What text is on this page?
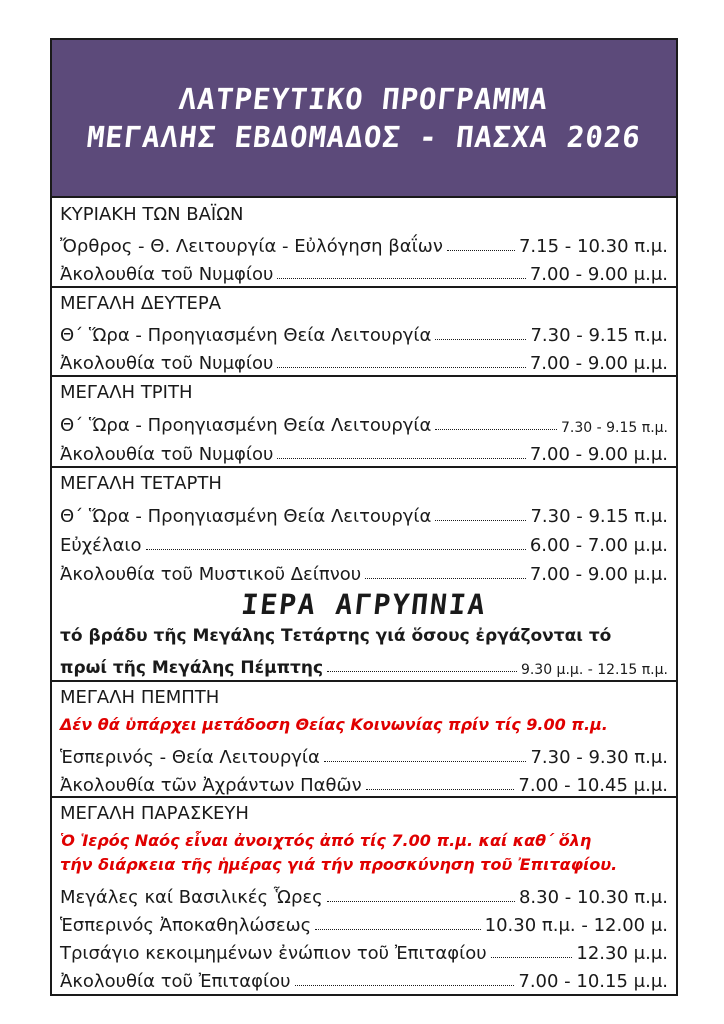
ΛΑΤΡΕΥΤΙΚΟ ΠΡΟΓΡΑΜΜΑ
ΜΕΓΑΛΗΣ ΕΒΔΟΜΑΔΟΣ - ΠΑΣΧΑ 2026
ΚΥΡΙΑΚΗ ΤΩΝ ΒΑΪΩΝ
Ὄρθρος - Θ. Λειτουργία - Εὐλόγηση βαΐων	7.15 - 10.30 π.μ.
Ἀκολουθία τοῦ Νυμφίου	7.00 - 9.00 μ.μ.
ΜΕΓΑΛΗ ΔΕΥΤΕΡΑ
Θ΄ Ὥρα - Προηγιασμένη Θεία Λειτουργία	7.30 - 9.15 π.μ.
Ἀκολουθία τοῦ Νυμφίου	7.00 - 9.00 μ.μ.
ΜΕΓΑΛΗ ΤΡΙΤΗ
Θ΄ Ὥρα - Προηγιασμένη Θεία Λειτουργία	7.30 - 9.15 π.μ.
Ἀκολουθία τοῦ Νυμφίου	7.00 - 9.00 μ.μ.
ΜΕΓΑΛΗ ΤΕΤΑΡΤΗ
Θ΄ Ὥρα - Προηγιασμένη Θεία Λειτουργία	7.30 - 9.15 π.μ.
Εὐχέλαιο	6.00 - 7.00 μ.μ.
Ἀκολουθία τοῦ Μυστικοῦ Δείπνου	7.00 - 9.00 μ.μ.
ΙΕΡΑ ΑΓΡΥΠΝΙΑ
τό βράδυ τῆς Μεγάλης Τετάρτης γιά ὅσους ἐργάζονται τό
πρωί τῆς Μεγάλης Πέμπτης	9.30 μ.μ. - 12.15 π.μ.
ΜΕΓΑΛΗ ΠΕΜΠΤΗ
Δέν θά ὑπάρχει μετάδοση Θείας Κοινωνίας πρίν τίς 9.00 π.μ.
Ἑσπερινός - Θεία Λειτουργία	7.30 - 9.30 π.μ.
Ἀκολουθία τῶν Ἀχράντων Παθῶν	7.00 - 10.45 μ.μ.
ΜΕΓΑΛΗ ΠΑΡΑΣΚΕΥΗ
Ὁ Ἱερός Ναός εἶναι ἀνοιχτός ἀπό τίς 7.00 π.μ. καί καθ΄ ὅλη
τήν διάρκεια τῆς ἡμέρας γιά τήν προσκύνηση τοῦ Ἐπιταφίου.
Μεγάλες καί Βασιλικές Ὧρες	8.30 - 10.30 π.μ.
Ἑσπερινός Ἀποκαθηλώσεως	10.30 π.μ. - 12.00 μ.
Τρισάγιο κεκοιμημένων ἐνώπιον τοῦ Ἐπιταφίου	12.30 μ.μ.
Ἀκολουθία τοῦ Ἐπιταφίου	7.00 - 10.15 μ.μ.
